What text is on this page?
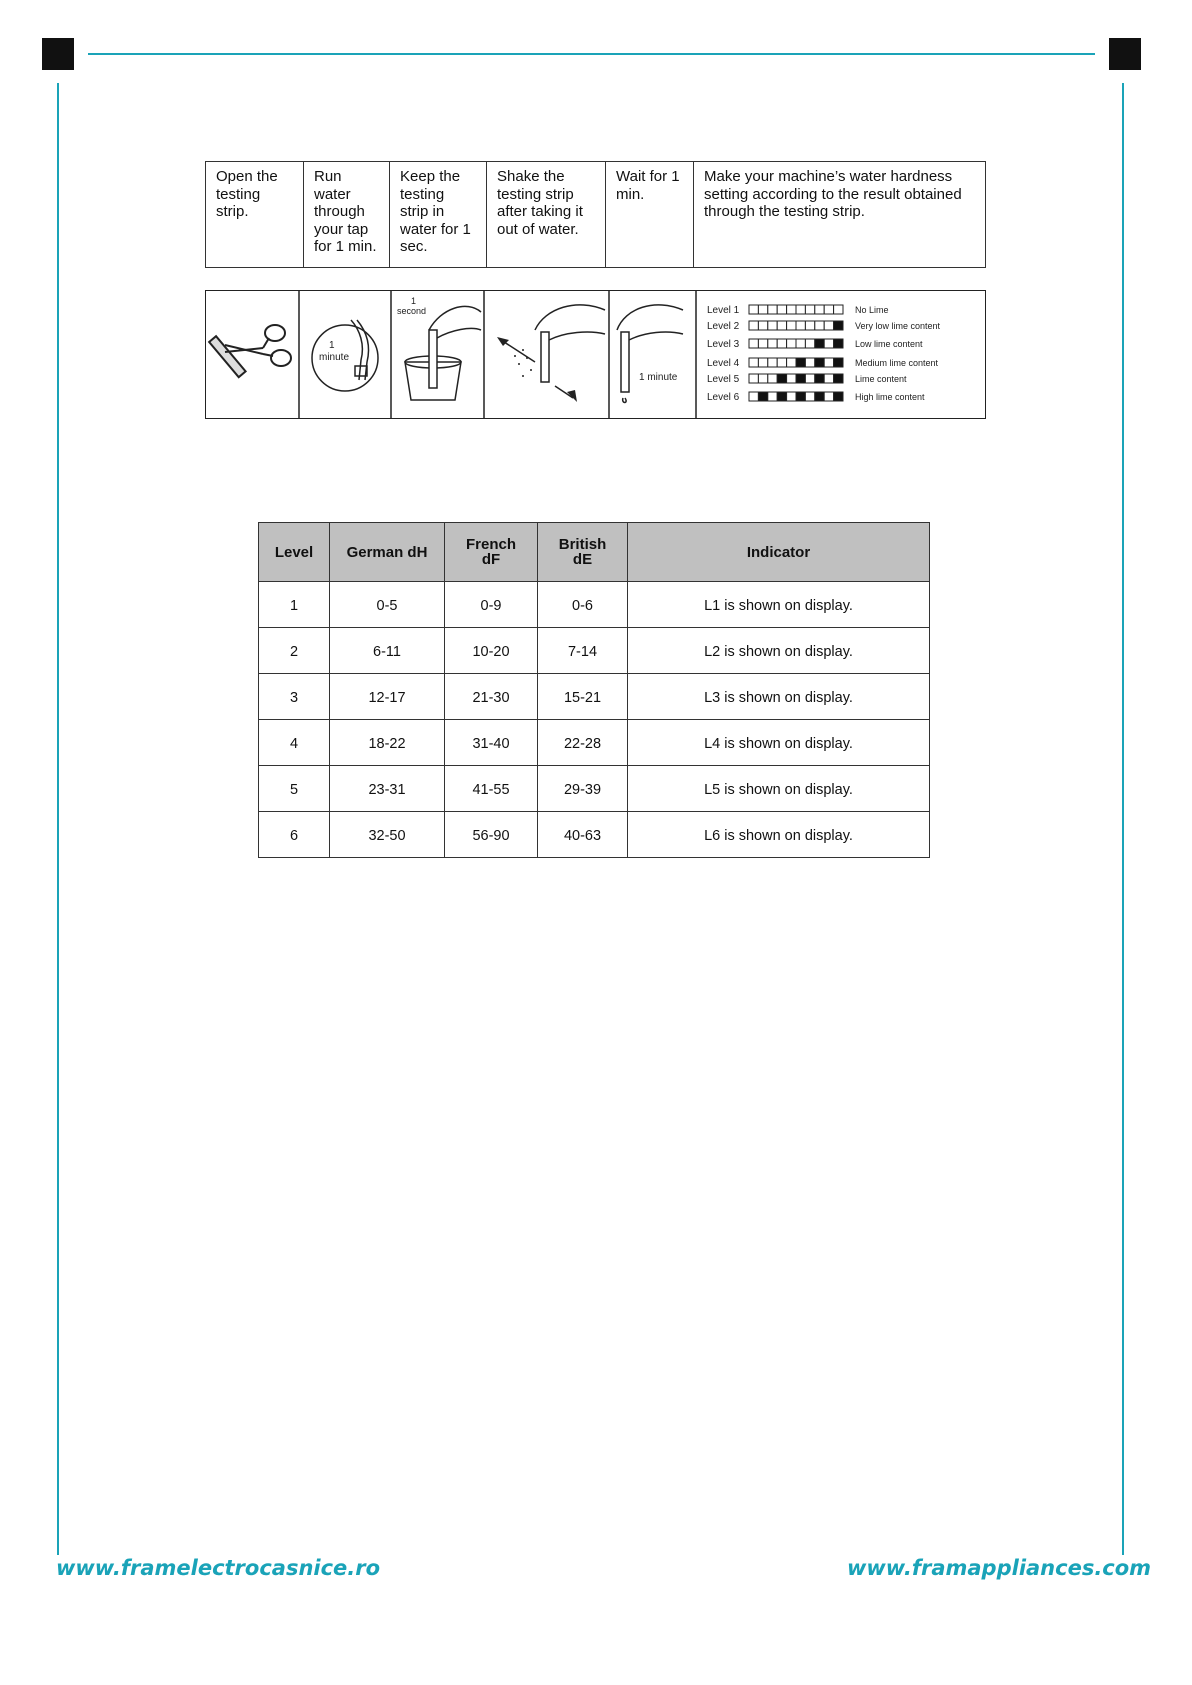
Open the testing strip.	Run water through your tap for 1 min.	Keep the testing strip in water for 1 sec.	Shake the testing strip after taking it out of water.	Wait for 1 min.	Make your machine’s water hardness setting according to the result obtained through the testing strip.
1
minute
1
second
1 minute
Level 1	No Lime
Level 2	Very low lime content
Level 3	Low lime content
Level 4	Medium lime content
Level 5	Lime content
Level 6	High lime content
Level	German dH	French dF	British dE	Indicator
1	0-5	0-9	0-6	L1 is shown on display.
2	6-11	10-20	7-14	L2 is shown on display.
3	12-17	21-30	15-21	L3 is shown on display.
4	18-22	31-40	22-28	L4 is shown on display.
5	23-31	41-55	29-39	L5 is shown on display.
6	32-50	56-90	40-63	L6 is shown on display.
www.framelectrocasnice.ro	www.framappliances.com
